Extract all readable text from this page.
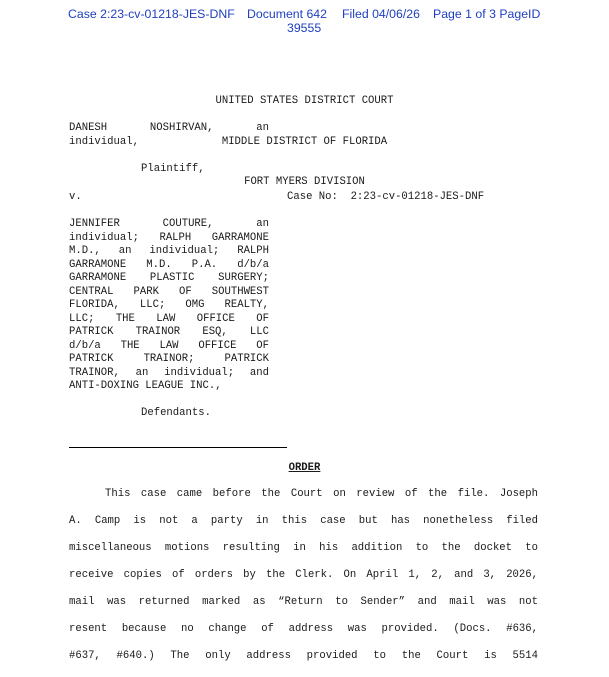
Case 2:23-cv-01218-JES-DNF Document 642 Filed 04/06/26 Page 1 of 3 PageID
39555

UNITED STATES DISTRICT COURT

MIDDLE DISTRICT OF FLORIDA

FORT MYERS DIVISION

DANESH NOSHIRVAN, an
individual,
Plaintiff,
v.	Case No:  2:23-cv-01218-JES-DNF
JENNIFER COUTURE, an
individual; RALPH GARRAMONE
M.D., an individual; RALPH
GARRAMONE M.D. P.A. d/b/a
GARRAMONE PLASTIC SURGERY;
CENTRAL PARK OF SOUTHWEST
FLORIDA, LLC; OMG REALTY,
LLC; THE LAW OFFICE OF
PATRICK TRAINOR ESQ, LLC
d/b/a THE LAW OFFICE OF
PATRICK TRAINOR; PATRICK
TRAINOR, an individual; and
ANTI-DOXING LEAGUE INC.,
Defendants.
ORDER
This case came before the Court on review of the file. Joseph
A. Camp is not a party in this case but has nonetheless filed
miscellaneous motions resulting in his addition to the docket to
receive copies of orders by the Clerk. On April 1, 2, and 3, 2026,
mail was returned marked as “Return to Sender” and mail was not
resent because no change of address was provided. (Docs. #636,
#637, #640.) The only address provided to the Court is 5514
